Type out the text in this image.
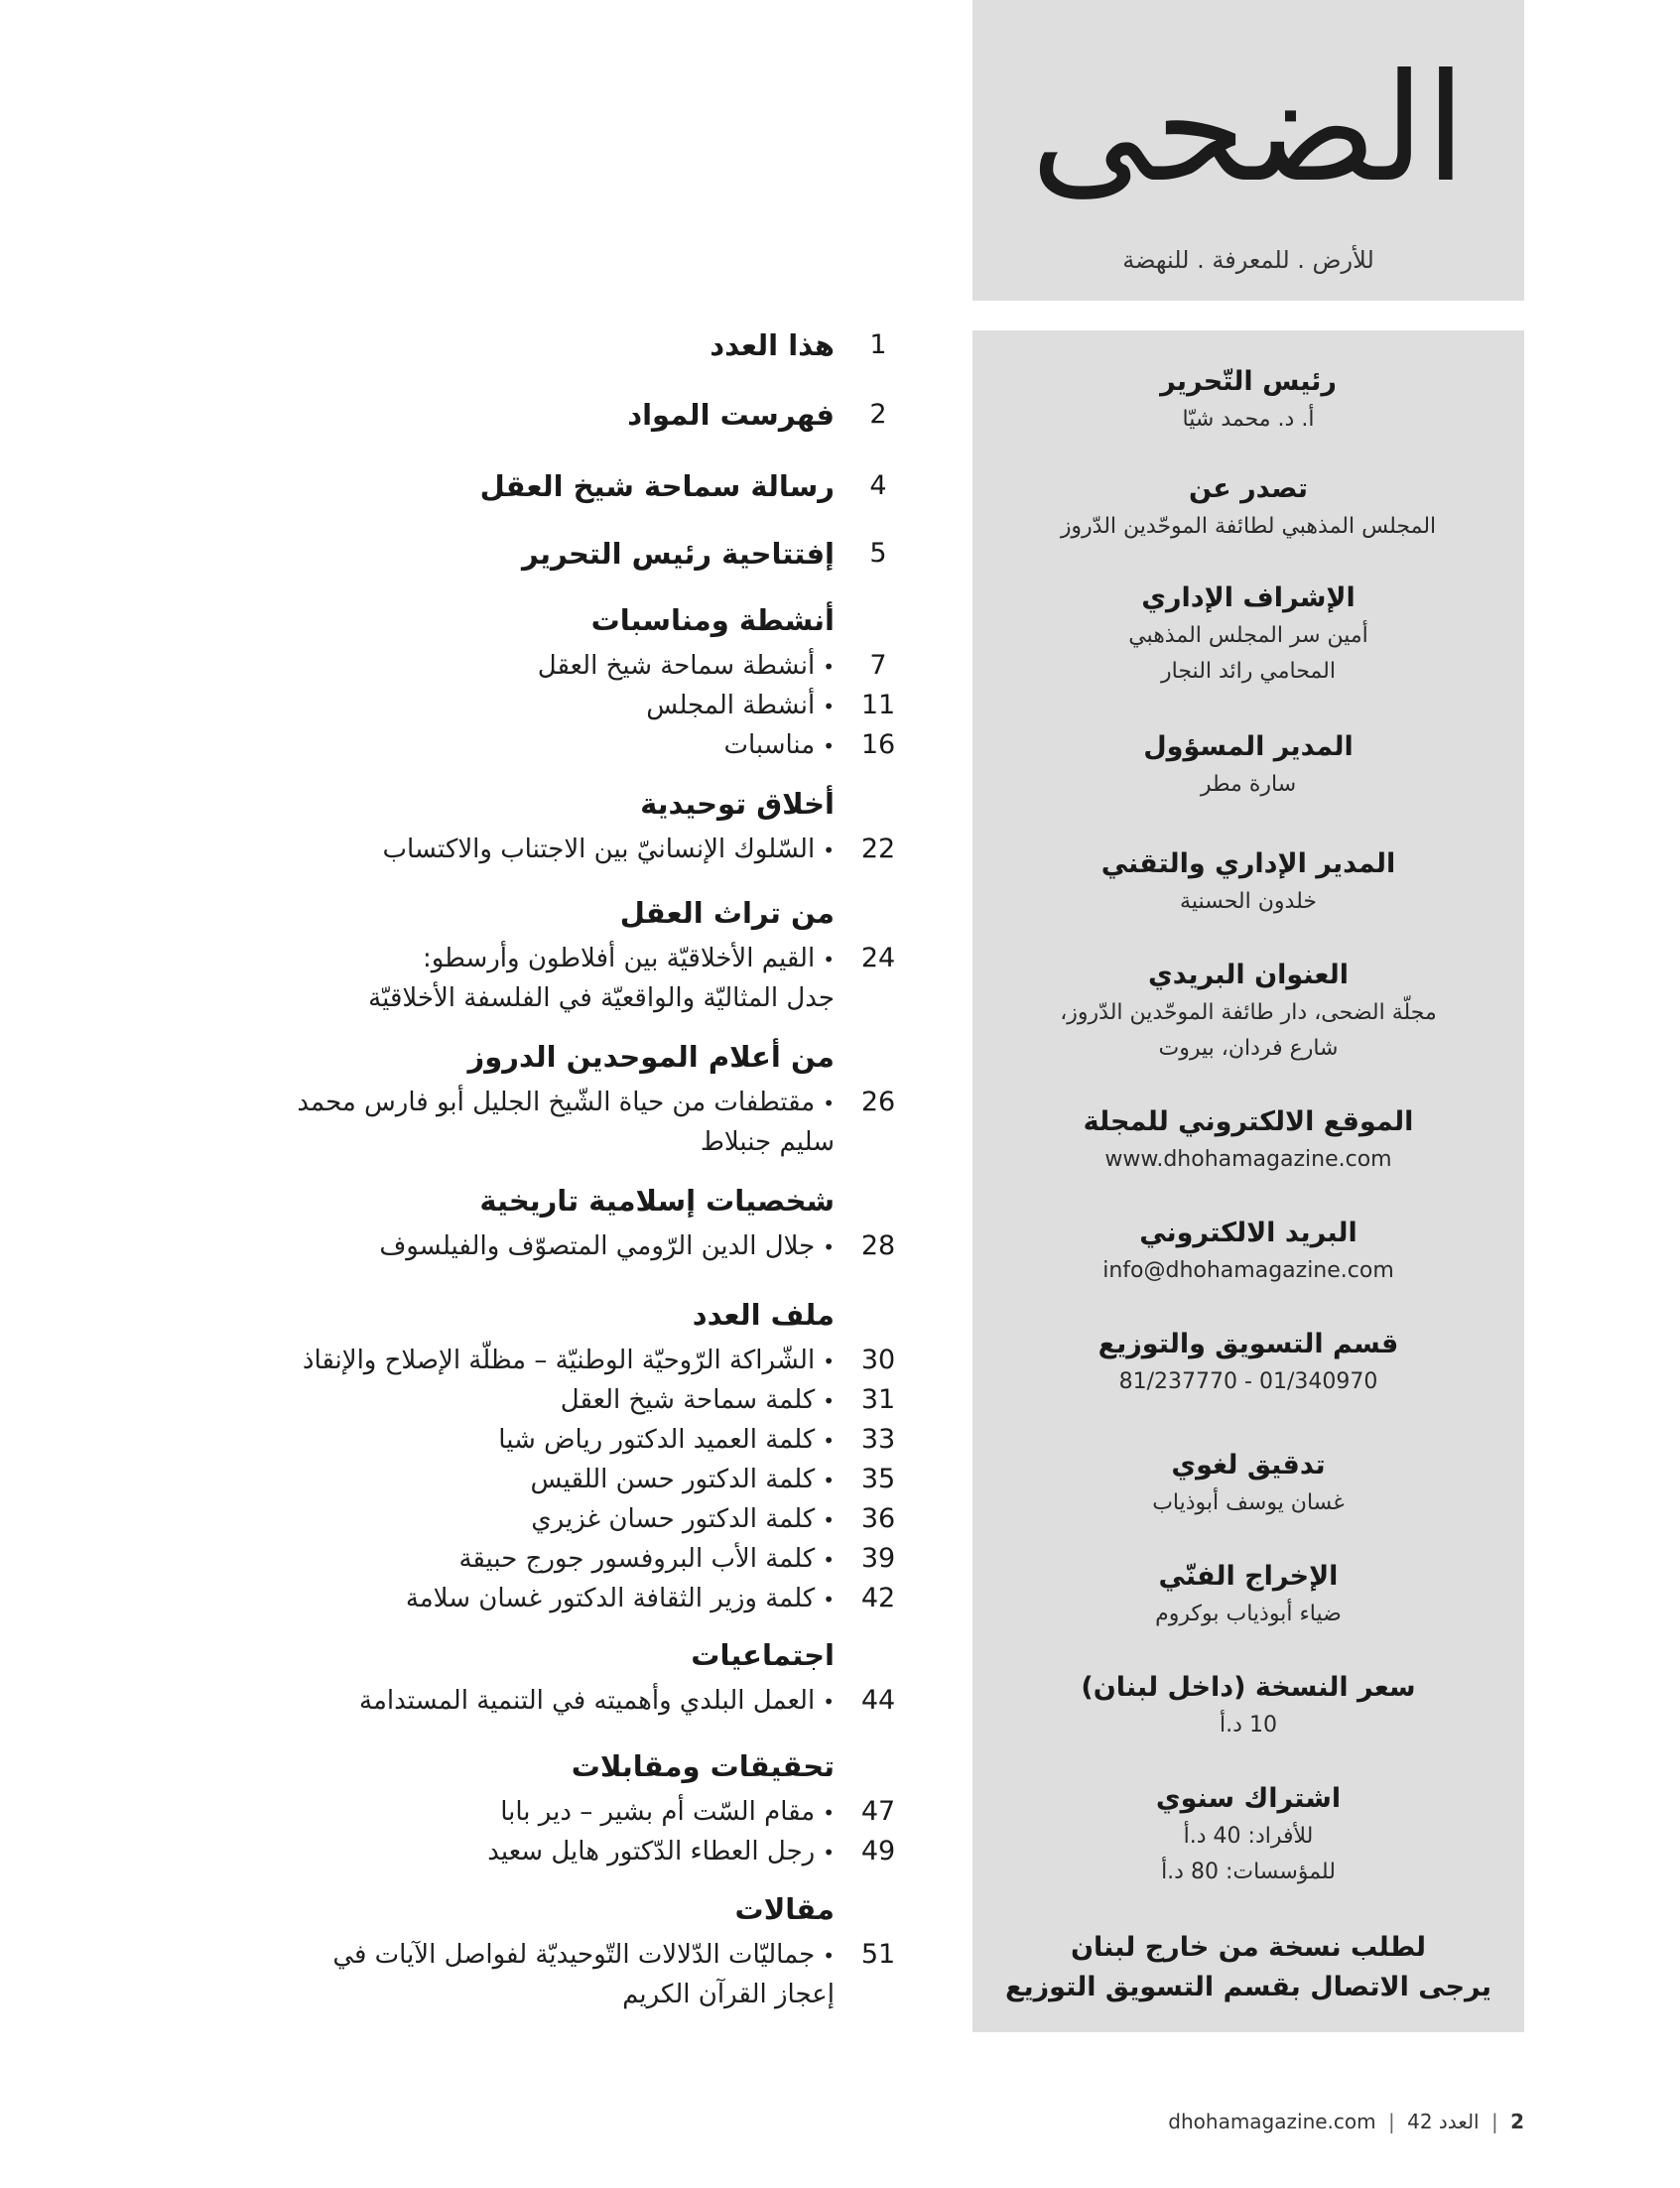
الضحى
للأرض . للمعرفة . للنهضة
رئيس التّحرير
أ. د. محمد شيّا
تصدر عن
المجلس المذهبي لطائفة الموحّدين الدّروز
الإشراف الإداري
أمين سر المجلس المذهبي
المحامي رائد النجار
المدير المسؤول
سارة مطر
المدير الإداري والتقني
خلدون الحسنية
العنوان البريدي
مجلّة الضحى، دار طائفة الموحّدين الدّروز،
شارع فردان، بيروت
الموقع الالكتروني للمجلة
www.dhohamagazine.com
البريد الالكتروني
info@dhohamagazine.com
قسم التسويق والتوزيع
81/237770 - 01/340970
تدقيق لغوي
غسان يوسف أبوذياب
الإخراج الفنّي
ضياء أبوذياب بوكروم
سعر النسخة (داخل لبنان)
10 د.أ
اشتراك سنوي
للأفراد: 40 د.أ
للمؤسسات: 80 د.أ
لطلب نسخة من خارج لبنان
يرجى الاتصال بقسم التسويق التوزيع
1
هذا العدد
2
فهرست المواد
4
رسالة سماحة شيخ العقل
5
إفتتاحية رئيس التحرير
أنشطة ومناسبات
7
•أنشطة سماحة شيخ العقل
11
•أنشطة المجلس
16
•مناسبات
أخلاق توحيدية
22
•السّلوك الإنسانيّ بين الاجتناب والاكتساب
من تراث العقل
24
•القيم الأخلاقيّة بين أفلاطون وأرسطو:
جدل المثاليّة والواقعيّة في الفلسفة الأخلاقيّة
من أعلام الموحدين الدروز
26
•مقتطفات من حياة الشّيخ الجليل أبو فارس محمد
سليم جنبلاط
شخصيات إسلامية تاريخية
28
•جلال الدين الرّومي المتصوّف والفيلسوف
ملف العدد
30
•الشّراكة الرّوحيّة الوطنيّة – مظلّة الإصلاح والإنقاذ
31
•كلمة سماحة شيخ العقل
33
•كلمة العميد الدكتور رياض شيا
35
•كلمة الدكتور حسن اللقيس
36
•كلمة الدكتور حسان غزيري
39
•كلمة الأب البروفسور جورج حبيقة
42
•كلمة وزير الثقافة الدكتور غسان سلامة
اجتماعيات
44
•العمل البلدي وأهميته في التنمية المستدامة
تحقيقات ومقابلات
47
•مقام السّت أم بشير – دير بابا
49
•رجل العطاء الدّكتور هايل سعيد
مقالات
51
•جماليّات الدّلالات التّوحيديّة لفواصل الآيات في
إعجاز القرآن الكريم
2 | العدد 42 | dhohamagazine.com
